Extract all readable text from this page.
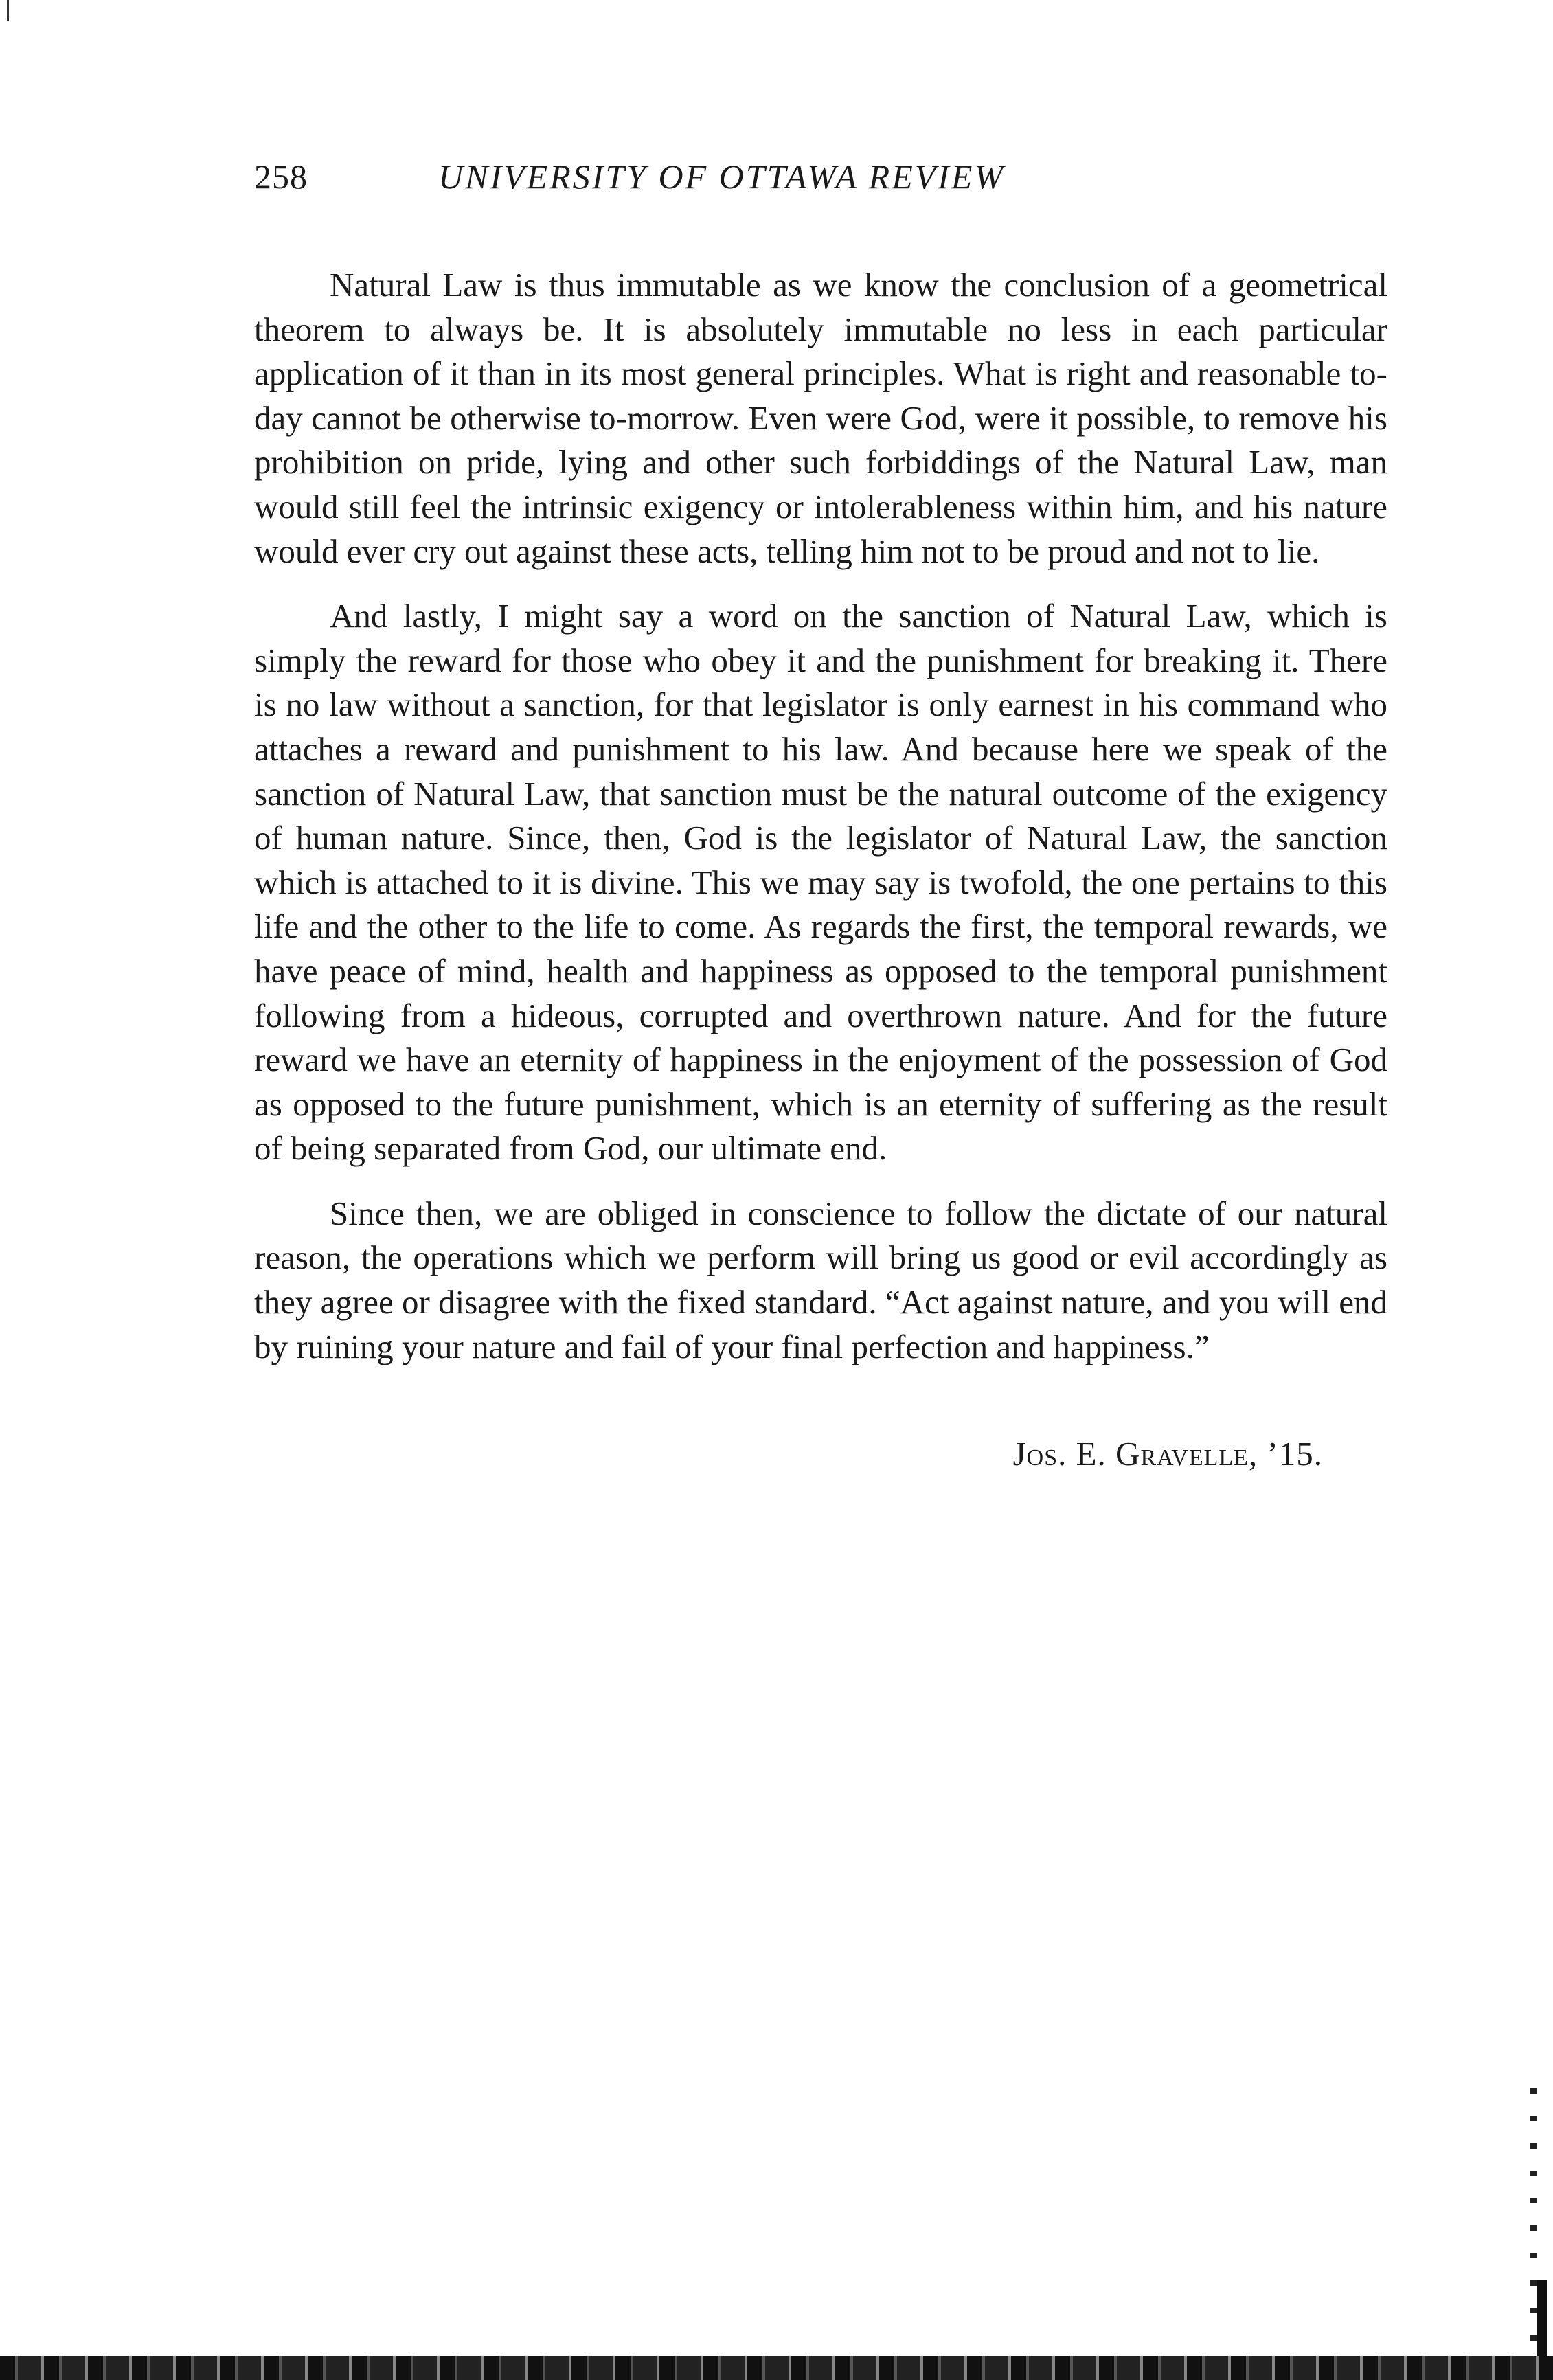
258	UNIVERSITY OF OTTAWA REVIEW

Natural Law is thus immutable as we know the conclusion of a geometrical theorem to always be. It is absolutely immutable no less in each particular application of it than in its most general principles. What is right and reasonable to-day cannot be otherwise to-morrow. Even were God, were it possible, to remove his prohibition on pride, lying and other such forbiddings of the Natural Law, man would still feel the intrinsic exigency or intolerableness within him, and his nature would ever cry out against these acts, telling him not to be proud and not to lie.

And lastly, I might say a word on the sanction of Natural Law, which is simply the reward for those who obey it and the punishment for breaking it. There is no law without a sanction, for that legislator is only earnest in his command who attaches a reward and punishment to his law. And because here we speak of the sanction of Natural Law, that sanction must be the natural outcome of the exigency of human nature. Since, then, God is the legislator of Natural Law, the sanction which is attached to it is divine. This we may say is twofold, the one pertains to this life and the other to the life to come. As regards the first, the temporal rewards, we have peace of mind, health and happiness as opposed to the temporal punishment following from a hideous, corrupted and overthrown nature. And for the future reward we have an eternity of happiness in the enjoyment of the possession of God as opposed to the future punishment, which is an eternity of suffering as the result of being separated from God, our ultimate end.

Since then, we are obliged in conscience to follow the dictate of our natural reason, the operations which we perform will bring us good or evil accordingly as they agree or disagree with the fixed standard. “Act against nature, and you will end by ruining your nature and fail of your final perfection and happiness.”

Jos. E. Gravelle, ’15.
